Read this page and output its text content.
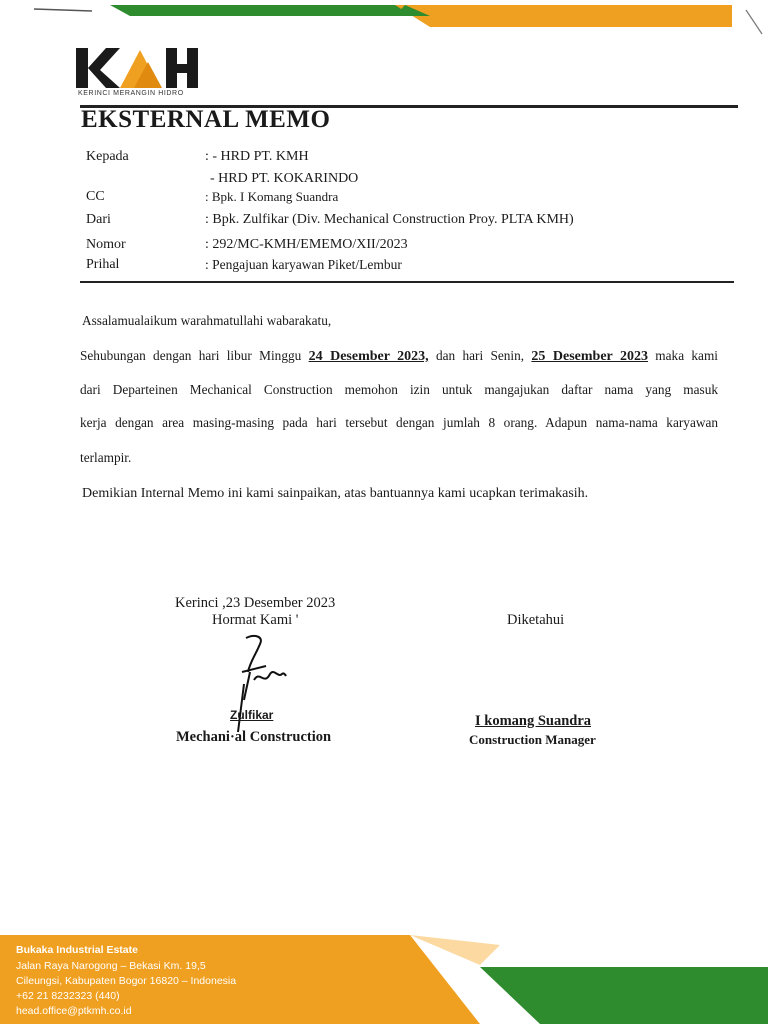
KERINCI MERANGIN HIDRO
EKSTERNAL MEMO
Kepada	: - HRD PT. KMH
- HRD PT. KOKARINDO
CC	: Bpk. I Komang Suandra
Dari	: Bpk. Zulfikar (Div. Mechanical Construction Proy. PLTA KMH)
Nomor	: 292/MC-KMH/EMEMO/XII/2023
Prihal	: Pengajuan karyawan Piket/Lembur
Assalamualaikum warahmatullahi wabarakatu,
Sehubungan dengan hari libur Minggu 24 Desember 2023, dan hari Senin, 25 Desember 2023 maka kami
dari Departeinen Mechanical Construction memohon izin untuk mangajukan daftar nama yang masuk
kerja dengan area masing-masing pada hari tersebut dengan jumlah 8 orang. Adapun nama-nama karyawan
terlampir.
Demikian Internal Memo ini kami sainpaikan, atas bantuannya kami ucapkan terimakasih.
Kerinci ,23 Desember 2023
Hormat Kami '	Diketahui
Zulfikar
Mechani·al Construction
I komang Suandra
Construction Manager
Bukaka Industrial Estate
Jalan Raya Narogong – Bekasi Km. 19,5
Cileungsi, Kabupaten Bogor 16820 – Indonesia
+62 21 8232323 (440)
head.office@ptkmh.co.id
